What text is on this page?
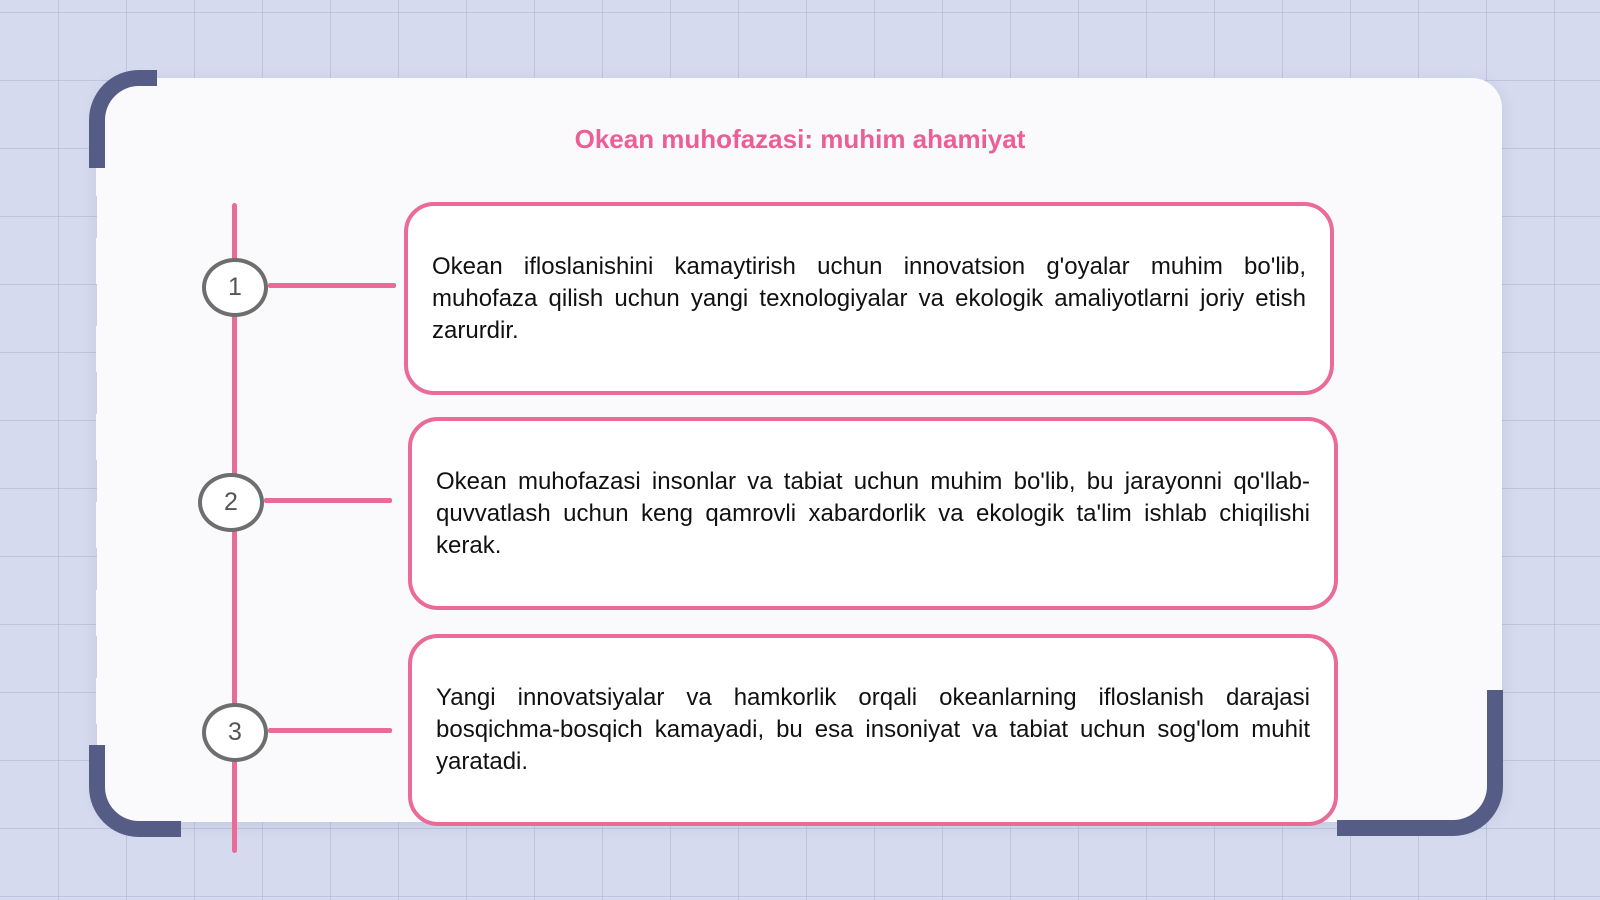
Okean muhofazasi: muhim ahamiyat
1
2
3

Okean ifloslanishini kamaytirish uchun innovatsion g'oyalar muhim bo'lib, muhofaza qilish uchun yangi texnologiyalar va ekologik amaliyotlarni joriy etish zarurdir.

Okean muhofazasi insonlar va tabiat uchun muhim bo'lib, bu jarayonni qo'llab-quvvatlash uchun keng qamrovli xabardorlik va ekologik ta'lim ishlab chiqilishi kerak.

Yangi innovatsiyalar va hamkorlik orqali okeanlarning ifloslanish darajasi bosqichma-bosqich kamayadi, bu esa insoniyat va tabiat uchun sog'lom muhit yaratadi.
